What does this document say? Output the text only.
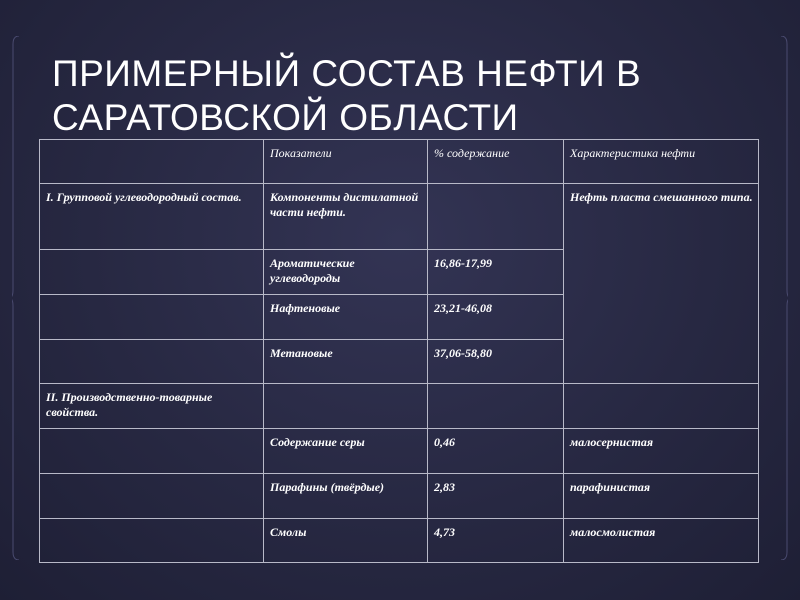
ПРИМЕРНЫЙ СОСТАВ НЕФТИ В
САРАТОВСКОЙ ОБЛАСТИ
	Показатели	% содержание	Характеристика нефти
I. Групповой углеводородный состав.	Компоненты дистилатной части нефти.		Нефть пласта смешанного типа.
	Ароматические углеводороды	16,86-17,99	
	Нафтеновые	23,21-46,08	
	Метановые	37,06-58,80	
II. Производственно-товарные свойства.			
	Содержание серы	0,46	малосернистая
	Парафины (твёрдые)	2,83	парафинистая
	Смолы	4,73	малосмолистая
